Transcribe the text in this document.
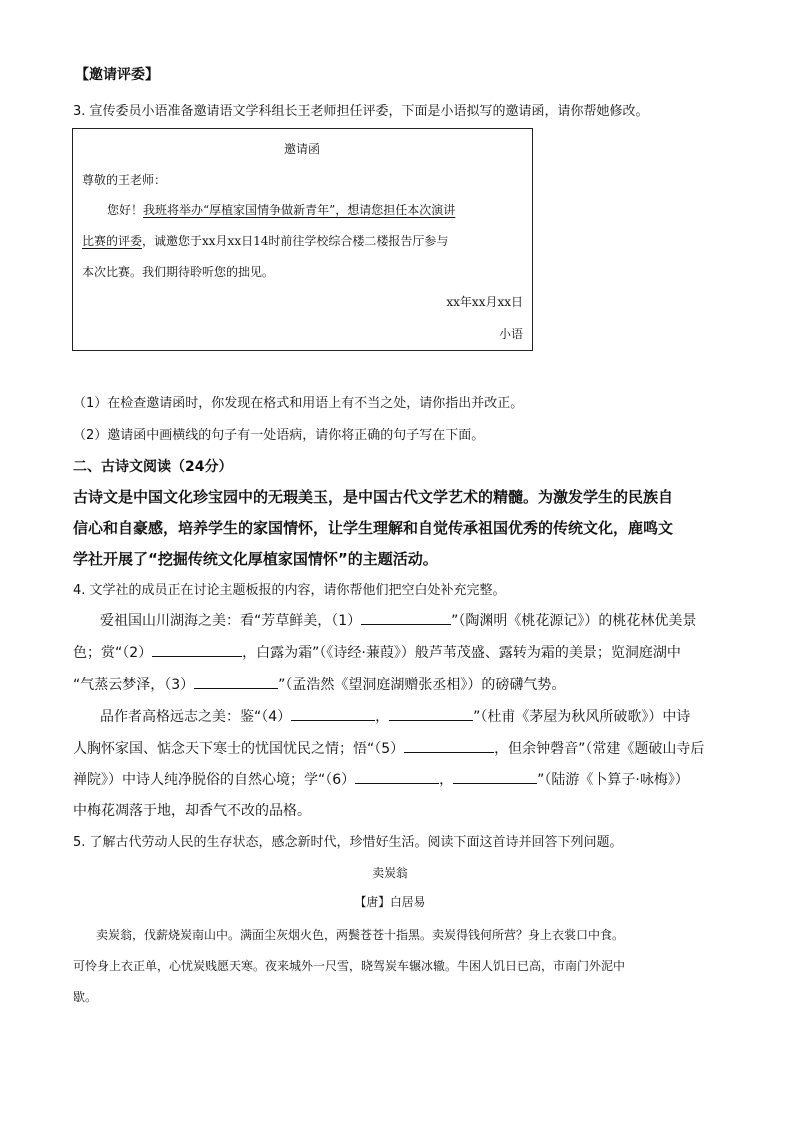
【邀请评委】
3. 宣传委员小语准备邀请语文学科组长王老师担任评委，下面是小语拟写的邀请函，请你帮她修改。
邀请函
尊敬的王老师：
您好！我班将举办“厚植家国情争做新青年”，想请您担任本次演讲
比赛的评委，诚邀您于xx月xx日14时前往学校综合楼二楼报告厅参与
本次比赛。我们期待聆听您的拙见。
xx年xx月xx日
小语
（1）在检查邀请函时，你发现在格式和用语上有不当之处，请你指出并改正。
（2）邀请函中画横线的句子有一处语病，请你将正确的句子写在下面。
二、古诗文阅读（24分）
古诗文是中国文化珍宝园中的无瑕美玉，是中国古代文学艺术的精髓。为激发学生的民族自
信心和自豪感，培养学生的家国情怀，让学生理解和自觉传承祖国优秀的传统文化，鹿鸣文
学社开展了“挖掘传统文化厚植家国情怀”的主题活动。
4. 文学社的成员正在讨论主题板报的内容，请你帮他们把空白处补充完整。
爱祖国山川湖海之美：看“芳草鲜美，（1）	”（陶渊明《桃花源记》）的桃花林优美景
色；赏“（2）	，白露为霜”（《诗经·蒹葭》）般芦苇茂盛、露转为霜的美景；览洞庭湖中
“气蒸云梦泽，（3）	”（孟浩然《望洞庭湖赠张丞相》）的磅礴气势。
品作者高格远志之美：鉴“（4）	，	”（杜甫《茅屋为秋风所破歌》）中诗
人胸怀家国、惦念天下寒士的忧国忧民之情；悟“（5）	，但余钟磬音”（常建《题破山寺后
禅院》）中诗人纯净脱俗的自然心境；学“（6）	，	”（陆游《卜算子·咏梅》）
中梅花凋落于地，却香气不改的品格。
5. 了解古代劳动人民的生存状态，感念新时代，珍惜好生活。阅读下面这首诗并回答下列问题。
卖炭翁
【唐】白居易
卖炭翁，伐薪烧炭南山中。满面尘灰烟火色，两鬓苍苍十指黑。卖炭得钱何所营？身上衣裳口中食。
可怜身上衣正单，心忧炭贱愿天寒。夜来城外一尺雪，晓驾炭车辗冰辙。牛困人饥日已高，市南门外泥中
歇。
